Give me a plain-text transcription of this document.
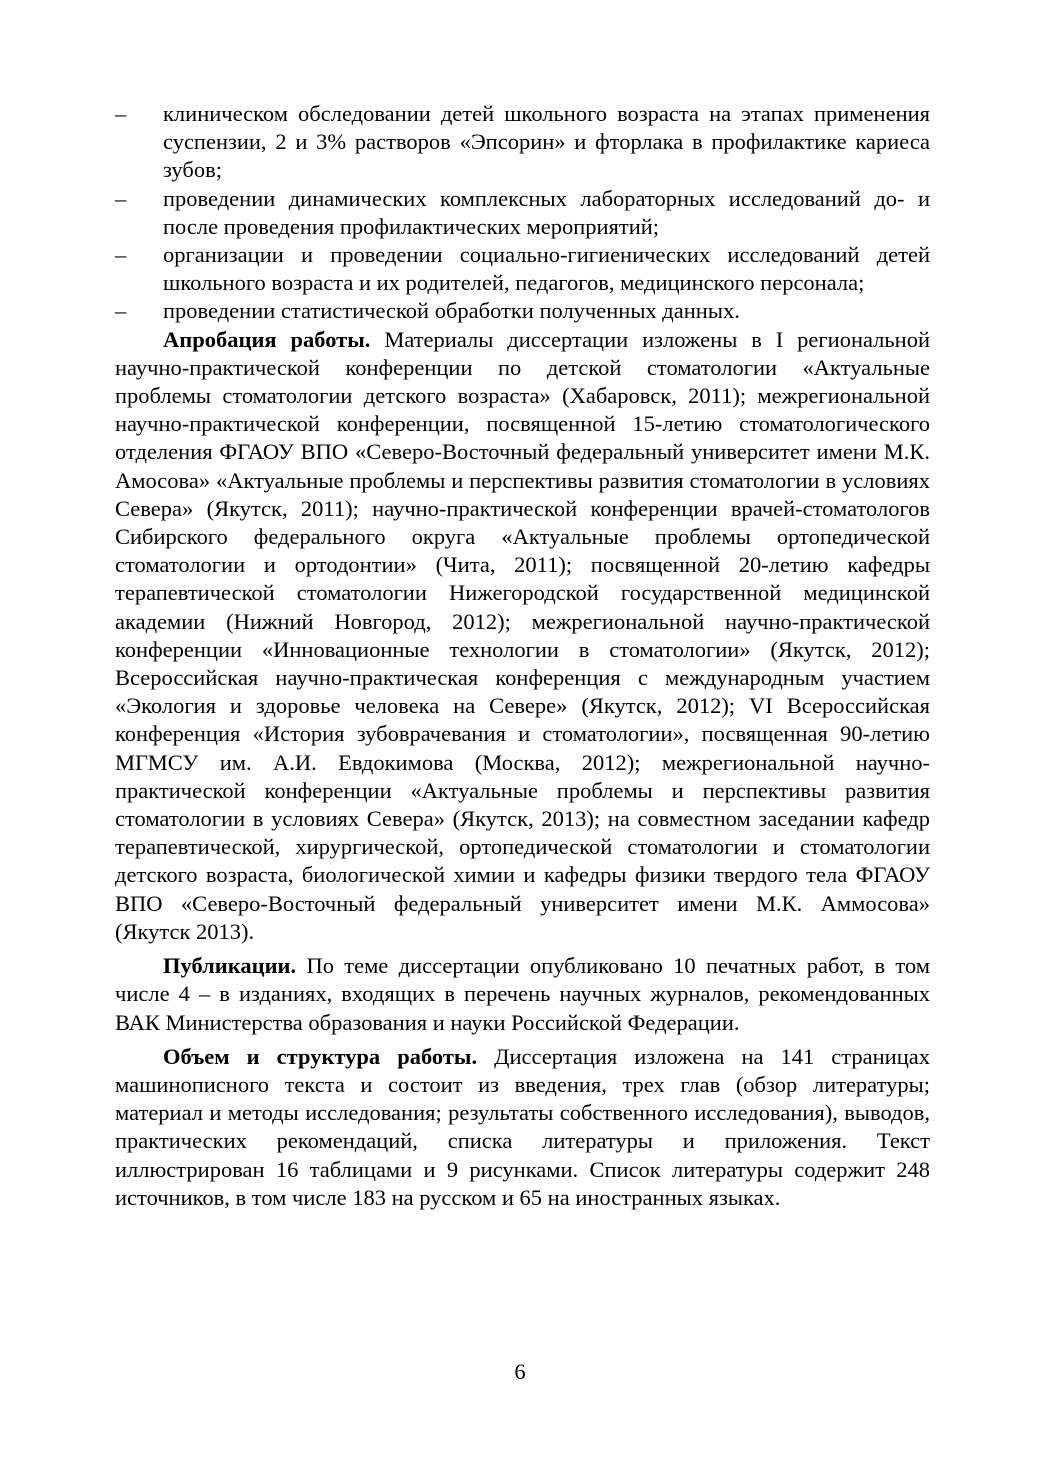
– клиническом обследовании детей школьного возраста на этапах применения суспензии, 2 и 3% растворов «Эпсорин» и фторлака в профилактике кариеса зубов;
– проведении динамических комплексных лабораторных исследований до- и после проведения профилактических мероприятий;
– организации и проведении социально-гигиенических исследований детей школьного возраста и их родителей, педагогов, медицинского персонала;
– проведении статистической обработки полученных данных.

Апробация работы. Материалы диссертации изложены в I региональной научно-практической конференции по детской стоматологии «Актуальные проблемы стоматологии детского возраста» (Хабаровск, 2011); межрегиональной научно-практической конференции, посвященной 15-летию стоматологического отделения ФГАОУ ВПО «Северо-Восточный федеральный университет имени М.К. Амосова» «Актуальные проблемы и перспективы развития стоматологии в условиях Севера» (Якутск, 2011); научно-практической конференции врачей-стоматологов Сибирского федерального округа «Актуальные проблемы ортопедической стоматологии и ортодонтии» (Чита, 2011); посвященной 20-летию кафедры терапевтической стоматологии Нижегородской государственной медицинской академии (Нижний Новгород, 2012); межрегиональной научно-практической конференции «Инновационные технологии в стоматологии» (Якутск, 2012); Всероссийская научно-практическая конференция с международным участием «Экология и здоровье человека на Севере» (Якутск, 2012); VI Всероссийская конференция «История зубоврачевания и стоматологии», посвященная 90-летию МГМСУ им. А.И. Евдокимова (Москва, 2012); межрегиональной научно-практической конференции «Актуальные проблемы и перспективы развития стоматологии в условиях Севера» (Якутск, 2013); на совместном заседании кафедр терапевтической, хирургической, ортопедической стоматологии и стоматологии детского возраста, биологической химии и кафедры физики твердого тела ФГАОУ ВПО «Северо-Восточный федеральный университет имени М.К. Аммосова» (Якутск 2013).

Публикации. По теме диссертации опубликовано 10 печатных работ, в том числе 4 – в изданиях, входящих в перечень научных журналов, рекомендованных ВАК Министерства образования и науки Российской Федерации.

Объем и структура работы. Диссертация изложена на 141 страницах машинописного текста и состоит из введения, трех глав (обзор литературы; материал и методы исследования; результаты собственного исследования), выводов, практических рекомендаций, списка литературы и приложения. Текст иллюстрирован 16 таблицами и 9 рисунками. Список литературы содержит 248 источников, в том числе 183 на русском и 65 на иностранных языках.

6
